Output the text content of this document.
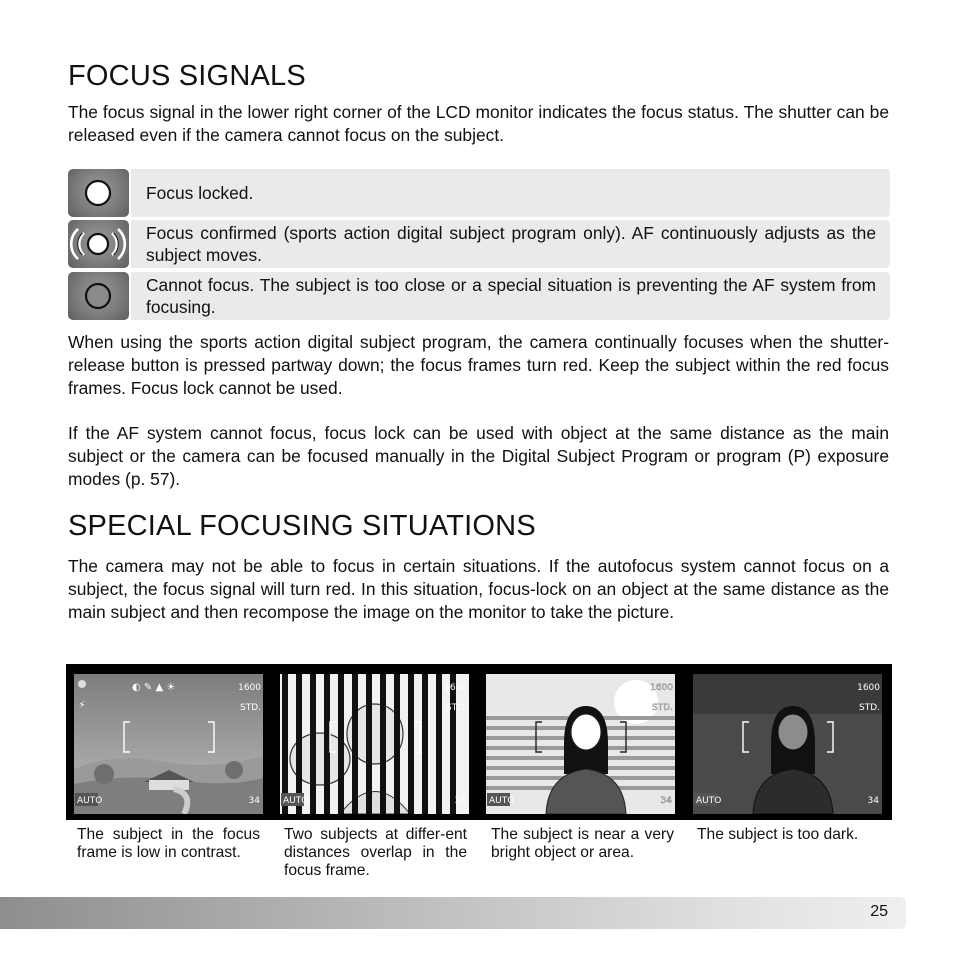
FOCUS SIGNALS

The focus signal in the lower right corner of the LCD monitor indicates the focus status. The shutter can be released even if the camera cannot focus on the subject.

Focus locked.
Focus confirmed (sports action digital subject program only). AF continuously adjusts as the subject moves.
Cannot focus. The subject is too close or a special situation is preventing the AF system from focusing.

When using the sports action digital subject program, the camera continually focuses when the shutter-release button is pressed partway down; the focus frames turn red. Keep the subject within the red focus frames. Focus lock cannot be used.

If the AF system cannot focus, focus lock can be used with object at the same distance as the main subject or the camera can be focused manually in the Digital Subject Program or program (P) exposure modes (p. 57).

SPECIAL FOCUSING SITUATIONS

The camera may not be able to focus in certain situations. If the autofocus system cannot focus on a subject, the focus signal will turn red. In this situation, focus-lock on an object at the same distance as the main subject and then recompose the image on the monitor to take the picture.

⚡
◐ ✎ ▲ ☀	1600
STD.
AUTO	34
1600
STD.
AUTO	34
1600
STD.
AUTO	34
1600
STD.
AUTO	34

The subject in the focus frame is low in contrast.

Two subjects at differ-ent distances overlap in the focus frame.

The subject is near a very bright object or area.

The subject is too dark.

25
